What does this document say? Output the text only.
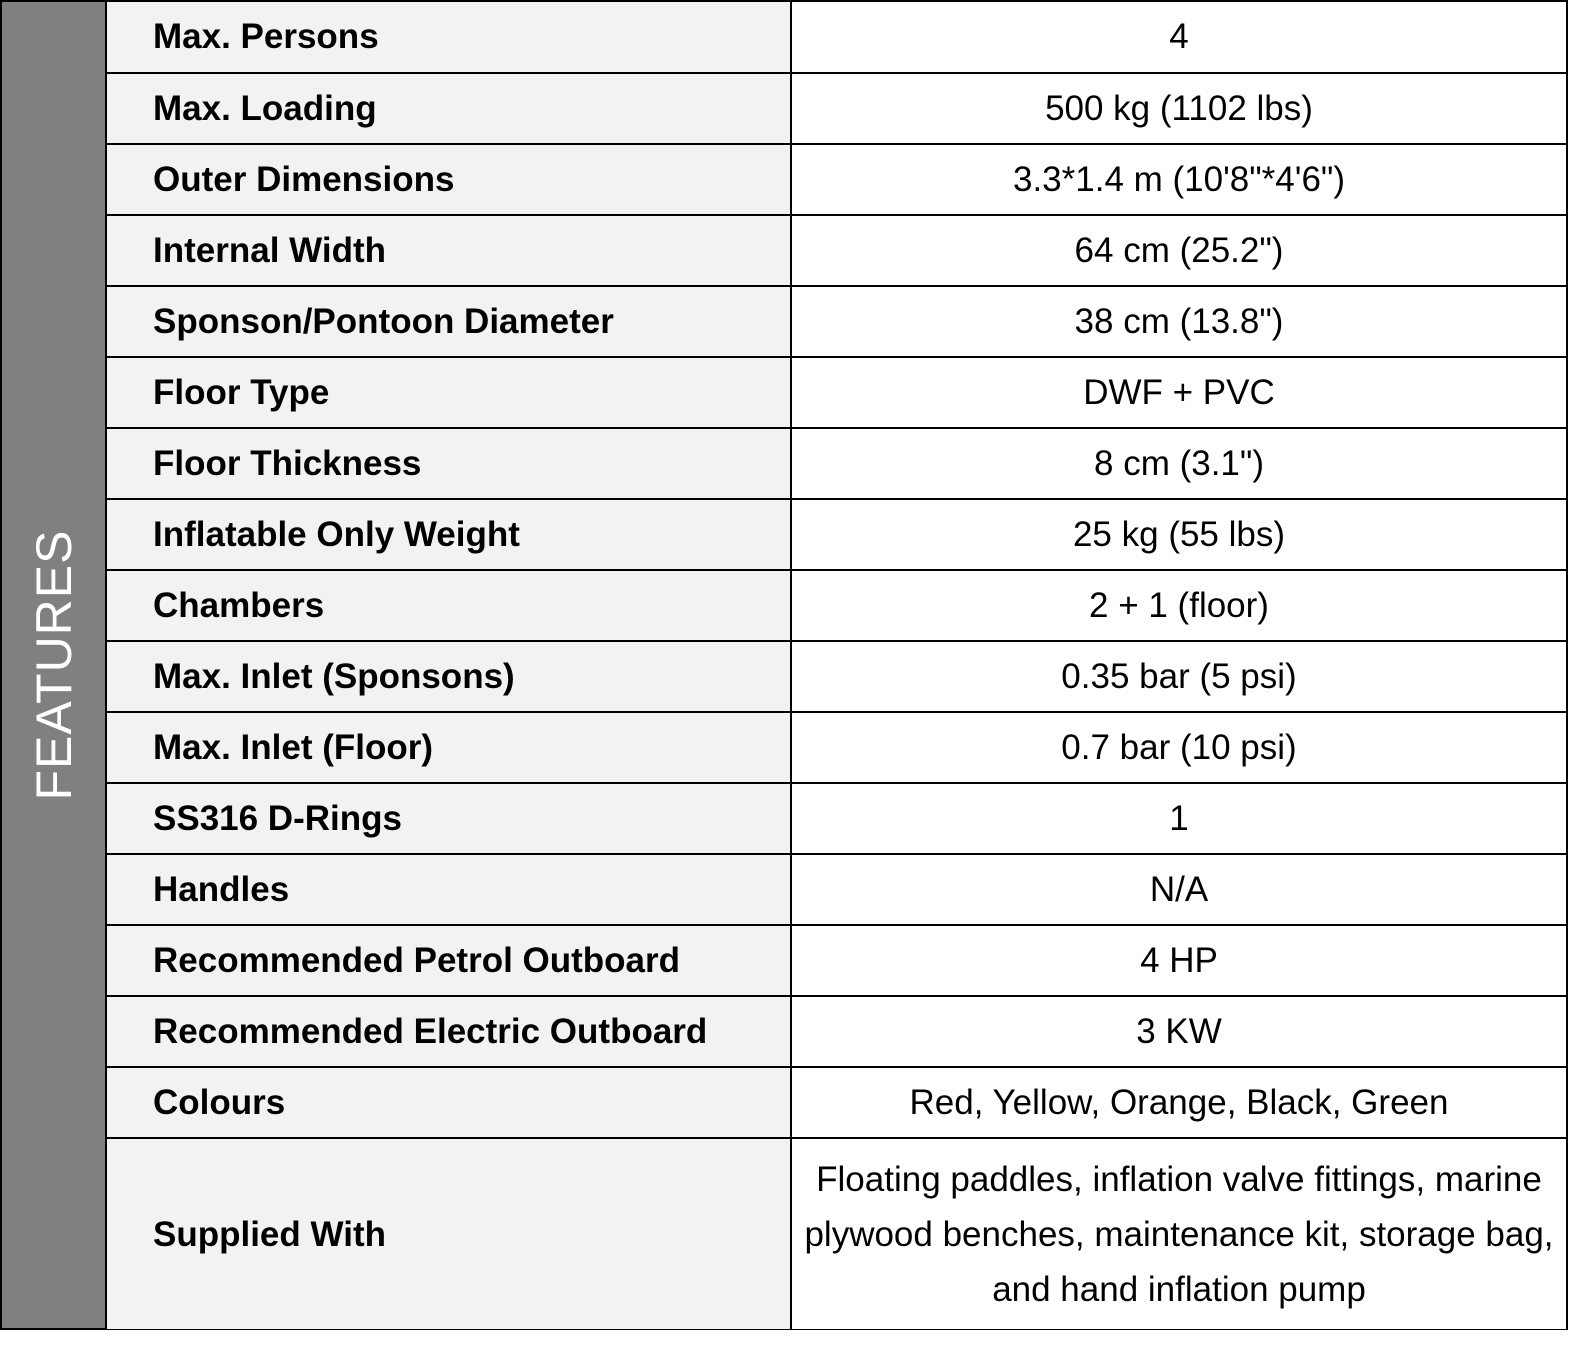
FEATURES
Max. Persons	4
Max. Loading	500 kg (1102 lbs)
Outer Dimensions	3.3*1.4 m (10'8"*4'6")
Internal Width	64 cm (25.2")
Sponson/Pontoon Diameter	38 cm (13.8")
Floor Type	DWF + PVC
Floor Thickness	8 cm (3.1")
Inflatable Only Weight	25 kg (55 lbs)
Chambers	2 + 1 (floor)
Max. Inlet (Sponsons)	0.35 bar (5 psi)
Max. Inlet (Floor)	0.7 bar (10 psi)
SS316 D-Rings	1
Handles	N/A
Recommended Petrol Outboard	4 HP
Recommended Electric Outboard	3 KW
Colours	Red, Yellow, Orange, Black, Green
Supplied With	Floating paddles, inflation valve fittings, marine plywood benches, maintenance kit, storage bag, and hand inflation pump
